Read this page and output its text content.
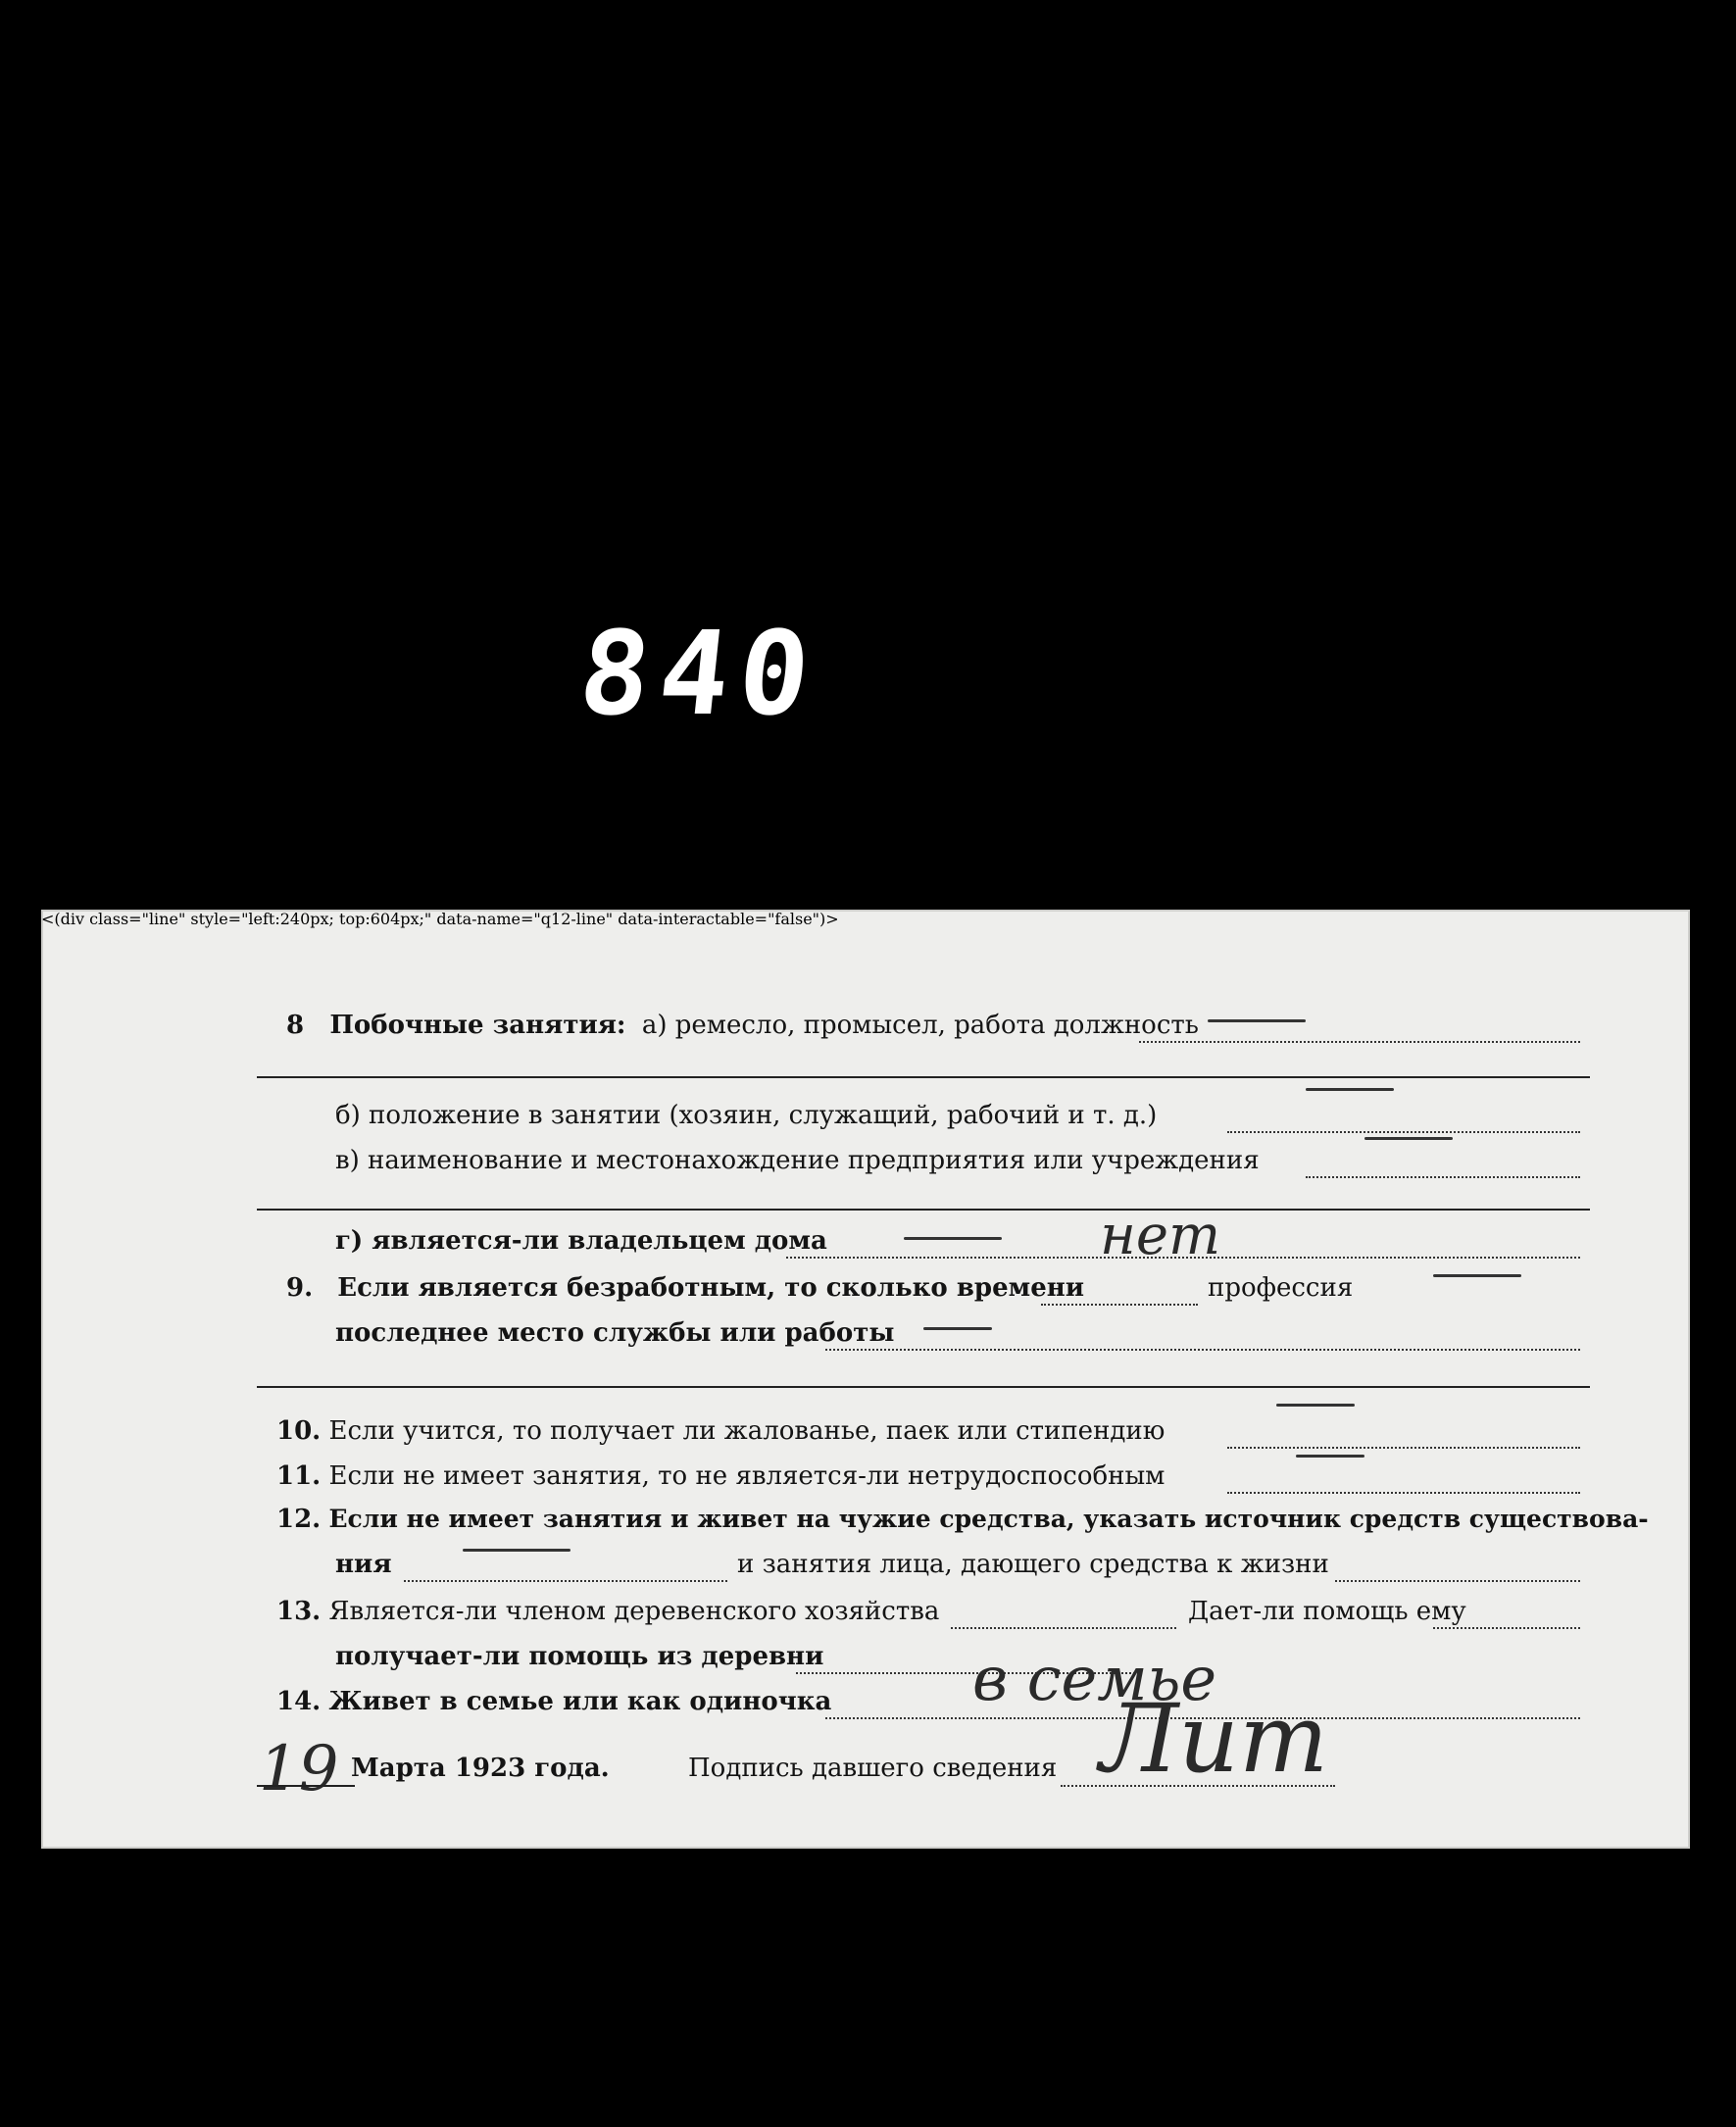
840
8 Побочные занятия: а) ремесло, промысел, работа должность
б) положение в занятии (хозяин, служащий, рабочий и т. д.)
в) наименование и местонахождение предприятия или учреждения
г) является-ли владельцем дома	нет
9. Если является безработным, то сколько времени	профессия
последнее место службы или работы
10. Если учится, то получает ли жалованье, паек или стипендию
11. Если не имеет занятия, то не является-ли нетрудоспособным
<(div class="line" style="left:240px; top:604px;" data-name="q12-line" data-interactable="false")>
12. Если не имеет занятия и живет на чужие средства, указать источник средств существова-
ния	и занятия лица, дающего средства к жизни
13. Является-ли членом деревенского хозяйства	Дает-ли помощь ему
получает-ли помощь из деревни
14. Живет в семье или как одиночка в семье
19 Марта 1923 года.	Подпись давшего сведения Лит
